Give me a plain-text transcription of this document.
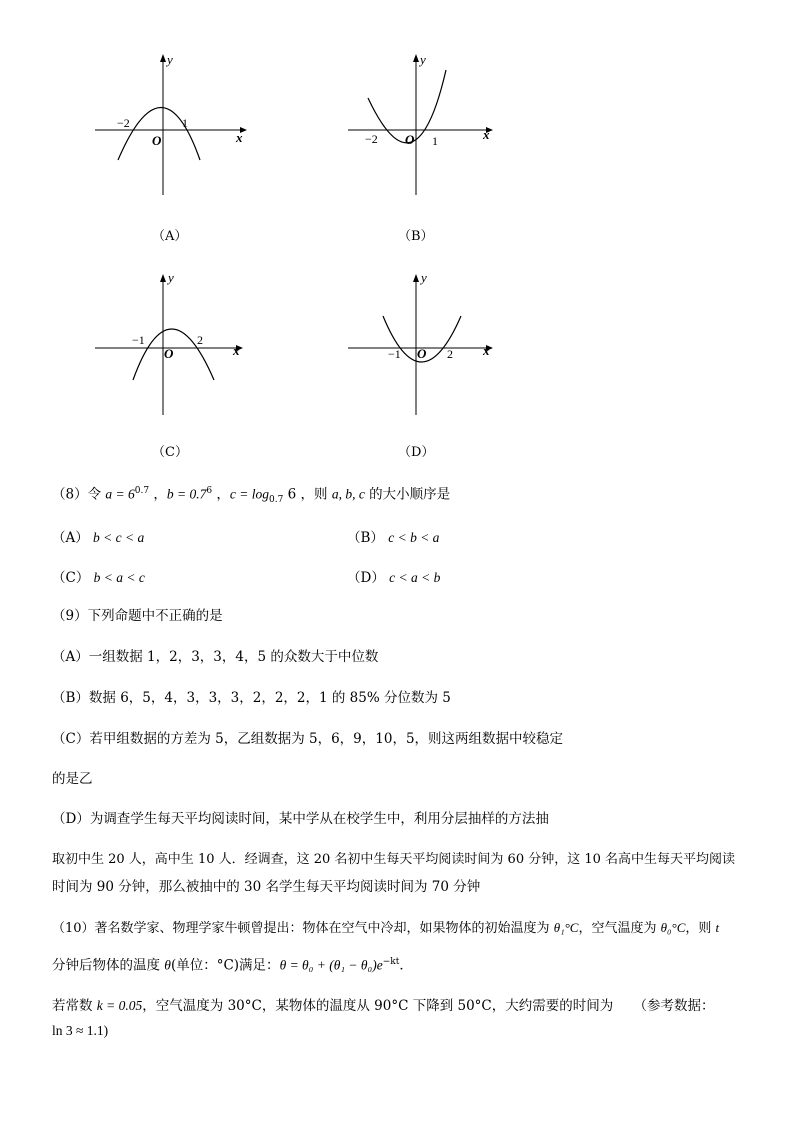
y
x
O
−2	1
（A）
y
x
O
−2	1
（B）
y
x
O
−1	2
（C）
y
x
O
−1	2
（D）
（8）令 $a = 6^{0.7}$ ，$b = 0.7^6$ ，$c = \log_{0.7} 6$ ，则 a, b, c 的大小顺序是
（A） b < c < a	（B） c < b < a
（C） b < a < c	（D） c < a < b
（9）下列命题中不正确的是
（A）一组数据 1，2，3，3，4，5 的众数大于中位数
（B）数据 6，5，4，3，3，3，2，2，2，1 的 85% 分位数为 5
（C）若甲组数据的方差为 5，乙组数据为 5，6，9，10，5，则这两组数据中较稳定
的是乙
（D）为调查学生每天平均阅读时间，某中学从在校学生中，利用分层抽样的方法抽
取初中生 20 人，高中生 10 人．经调查，这 20 名初中生每天平均阅读时间为 60 分钟，这 10 名高中生每天平均阅读
时间为 90 分钟，那么被抽中的 30 名学生每天平均阅读时间为 70 分钟
（10）著名数学家、物理学家牛顿曾提出：物体在空气中冷却，如果物体的初始温度为 θ₁°C，空气温度为 θ₀°C，则 t
分钟后物体的温度 θ(单位：°C)满足：$\theta = \theta_0 + (\theta_1 - \theta_0)e^{-kt}$．
若常数 k = 0.05，空气温度为 30°C，某物体的温度从 90°C 下降到 50°C，大约需要的时间为　　（参考数据：
ln 3 ≈ 1.1)
